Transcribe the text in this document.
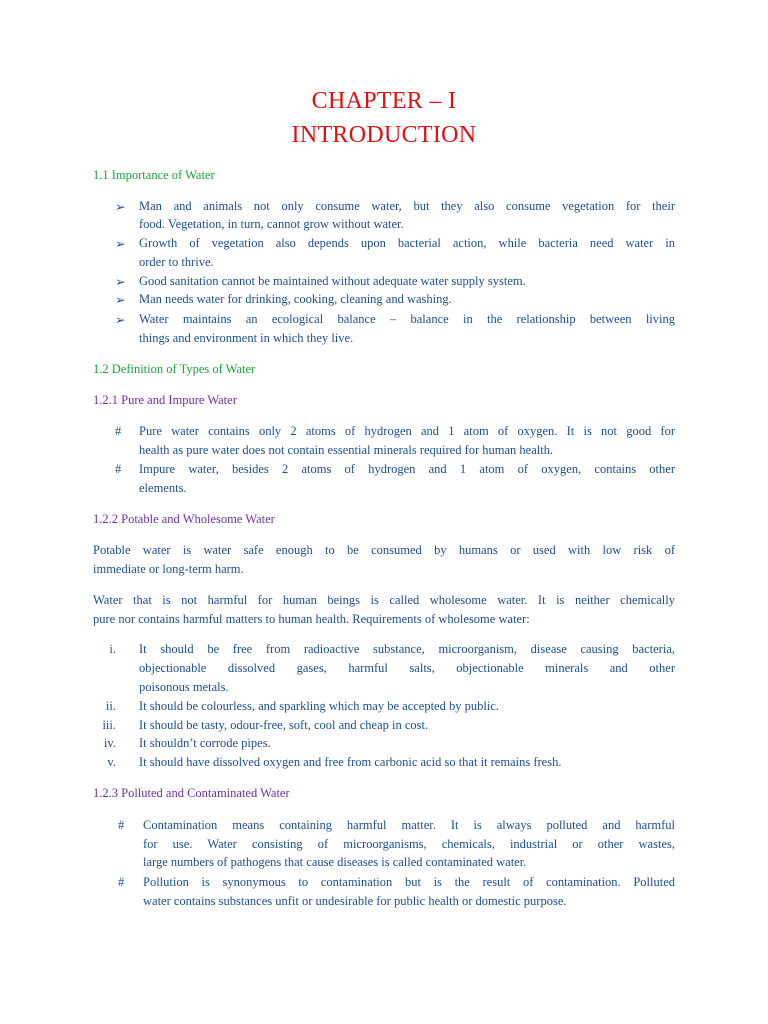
CHAPTER – I
INTRODUCTION
1.1 Importance of Water
➢ Man and animals not only consume water, but they also consume vegetation for their
food. Vegetation, in turn, cannot grow without water.
➢ Growth of vegetation also depends upon bacterial action, while bacteria need water in
order to thrive.
➢ Good sanitation cannot be maintained without adequate water supply system.
➢ Man needs water for drinking, cooking, cleaning and washing.
➢ Water maintains an ecological balance – balance in the relationship between living
things and environment in which they live.
1.2 Definition of Types of Water
1.2.1 Pure and Impure Water
# Pure water contains only 2 atoms of hydrogen and 1 atom of oxygen. It is not good for
health as pure water does not contain essential minerals required for human health.
# Impure water, besides 2 atoms of hydrogen and 1 atom of oxygen, contains other
elements.
1.2.2 Potable and Wholesome Water
Potable water is water safe enough to be consumed by humans or used with low risk of
immediate or long-term harm.
Water that is not harmful for human beings is called wholesome water. It is neither chemically
pure nor contains harmful matters to human health. Requirements of wholesome water:
i. It should be free from radioactive substance, microorganism, disease causing bacteria,
objectionable dissolved gases, harmful salts, objectionable minerals and other
poisonous metals.
ii. It should be colourless, and sparkling which may be accepted by public.
iii. It should be tasty, odour-free, soft, cool and cheap in cost.
iv. It shouldn’t corrode pipes.
v. It should have dissolved oxygen and free from carbonic acid so that it remains fresh.
1.2.3 Polluted and Contaminated Water
# Contamination means containing harmful matter. It is always polluted and harmful
for use. Water consisting of microorganisms, chemicals, industrial or other wastes,
large numbers of pathogens that cause diseases is called contaminated water.
# Pollution is synonymous to contamination but is the result of contamination. Polluted
water contains substances unfit or undesirable for public health or domestic purpose.
